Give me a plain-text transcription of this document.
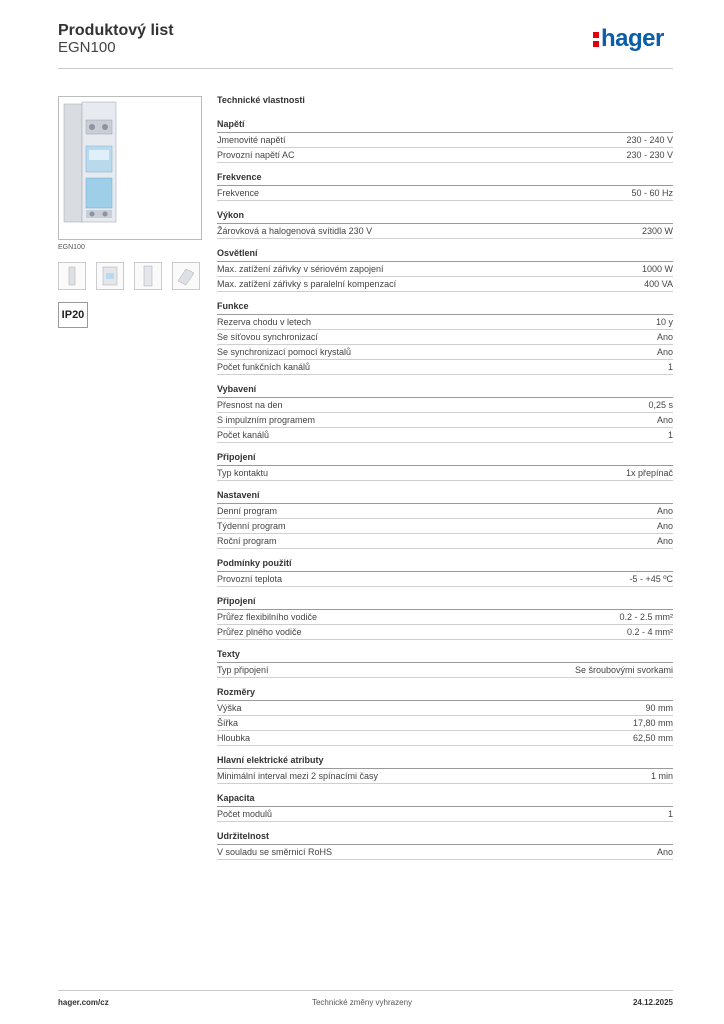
Produktový list
EGN100	hager
EGN100
IP20
Technické vlastnosti
Napětí
Jmenovité napětí	230 - 240 V
Provozní napětí AC	230 - 230 V
Frekvence
Frekvence	50 - 60 Hz
Výkon
Žárovková a halogenová svítidla 230 V	2300 W
Osvětlení
Max. zatížení zářivky v sériovém zapojení	1000 W
Max. zatížení zářivky s paralelní kompenzací	400 VA
Funkce
Rezerva chodu v letech	10 y
Se síťovou synchronizací	Ano
Se synchronizací pomocí krystalů	Ano
Počet funkčních kanálů	1
Vybavení
Přesnost na den	0,25 s
S impulzním programem	Ano
Počet kanálů	1
Připojení
Typ kontaktu	1x přepínač
Nastavení
Denní program	Ano
Týdenní program	Ano
Roční program	Ano
Podmínky použití
Provozní teplota	-5 - +45 ºC
Připojení
Průřez flexibilního vodiče	0.2 - 2.5 mm²
Průřez plného vodiče	0.2 - 4 mm²
Texty
Typ připojení	Se šroubovými svorkami
Rozměry
Výška	90 mm
Šířka	17,80 mm
Hloubka	62,50 mm
Hlavní elektrické atributy
Minimální interval mezi 2 spínacími časy	1 min
Kapacita
Počet modulů	1
Udržitelnost
V souladu se směrnicí RoHS	Ano
hager.com/cz	Technické změny vyhrazeny	24.12.2025
